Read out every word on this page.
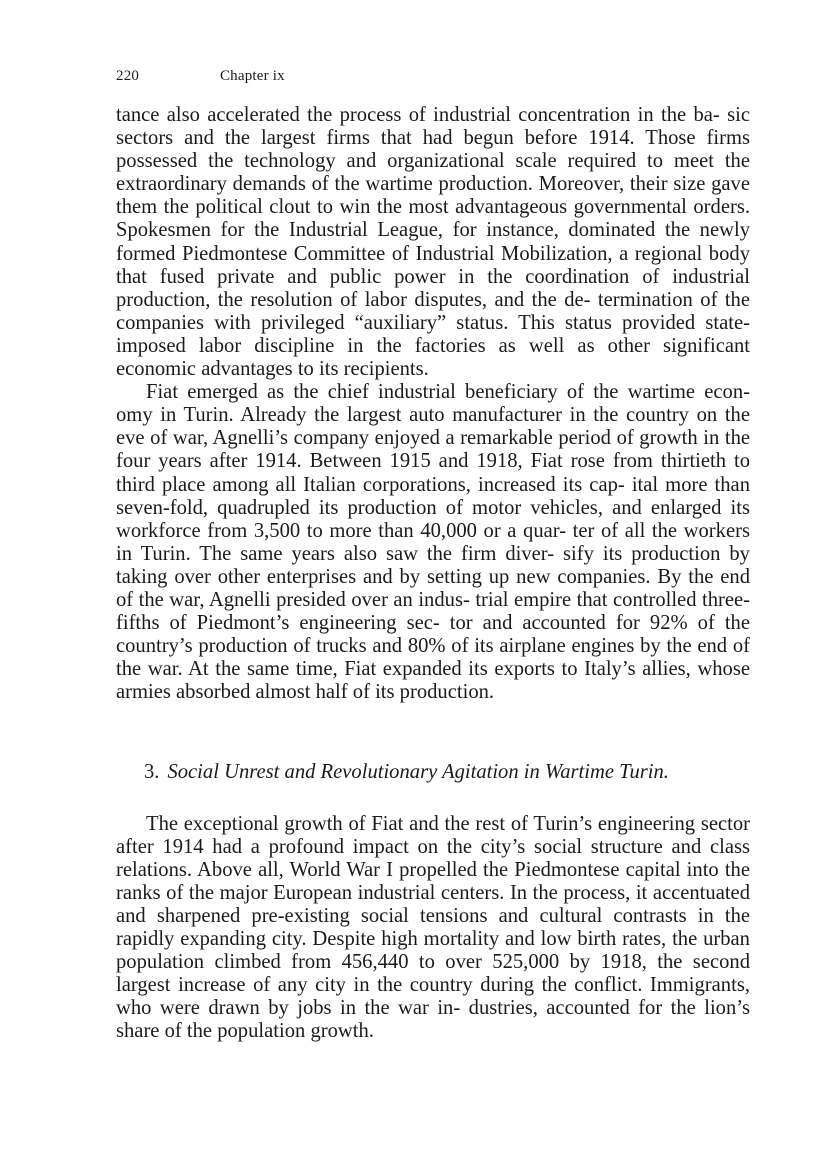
220	Chapter ix

tance also accelerated the process of industrial concentration in the ba- sic sectors and the largest firms that had begun before 1914. Those firms possessed the technology and organizational scale required to meet the extraordinary demands of the wartime production. Moreover, their size gave them the political clout to win the most advantageous governmental orders. Spokesmen for the Industrial League, for instance, dominated the newly formed Piedmontese Committee of Industrial Mobilization, a regional body that fused private and public power in the coordination of industrial production, the resolution of labor disputes, and the de- termination of the companies with privileged “auxiliary” status. This status provided state-imposed labor discipline in the factories as well as other significant economic advantages to its recipients.

Fiat emerged as the chief industrial beneficiary of the wartime econ- omy in Turin. Already the largest auto manufacturer in the country on the eve of war, Agnelli’s company enjoyed a remarkable period of growth in the four years after 1914. Between 1915 and 1918, Fiat rose from thirtieth to third place among all Italian corporations, increased its cap- ital more than seven-fold, quadrupled its production of motor vehicles, and enlarged its workforce from 3,500 to more than 40,000 or a quar- ter of all the workers in Turin. The same years also saw the firm diver- sify its production by taking over other enterprises and by setting up new companies. By the end of the war, Agnelli presided over an indus- trial empire that controlled three-fifths of Piedmont’s engineering sec- tor and accounted for 92% of the country’s production of trucks and 80% of its airplane engines by the end of the war. At the same time, Fiat expanded its exports to Italy’s allies, whose armies absorbed almost half of its production.

3. Social Unrest and Revolutionary Agitation in Wartime Turin.

The exceptional growth of Fiat and the rest of Turin’s engineering sector after 1914 had a profound impact on the city’s social structure and class relations. Above all, World War I propelled the Piedmontese capital into the ranks of the major European industrial centers. In the process, it accentuated and sharpened pre-existing social tensions and cultural contrasts in the rapidly expanding city. Despite high mortality and low birth rates, the urban population climbed from 456,440 to over 525,000 by 1918, the second largest increase of any city in the country during the conflict. Immigrants, who were drawn by jobs in the war in- dustries, accounted for the lion’s share of the population growth.
